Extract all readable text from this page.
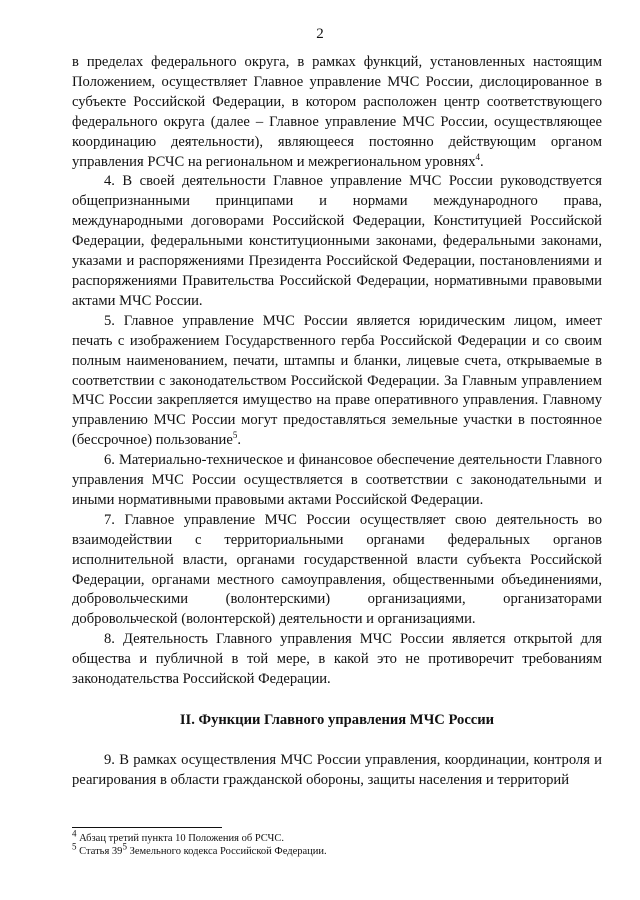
2

в пределах федерального округа, в рамках функций, установленных настоящим Положением, осуществляет Главное управление МЧС России, дислоцированное в субъекте Российской Федерации, в котором расположен центр соответствующего федерального округа (далее – Главное управление МЧС России, осуществляющее координацию деятельности), являющееся постоянно действующим органом управления РСЧС на региональном и межрегиональном уровнях$^4$.

4. В своей деятельности Главное управление МЧС России руководствуется общепризнанными принципами и нормами международного права, международными договорами Российской Федерации, Конституцией Российской Федерации, федеральными конституционными законами, федеральными законами, указами и распоряжениями Президента Российской Федерации, постановлениями и распоряжениями Правительства Российской Федерации, нормативными правовыми актами МЧС России.

5. Главное управление МЧС России является юридическим лицом, имеет печать с изображением Государственного герба Российской Федерации и со своим полным наименованием, печати, штампы и бланки, лицевые счета, открываемые в соответствии с законодательством Российской Федерации. За Главным управлением МЧС России закрепляется имущество на праве оперативного управления. Главному управлению МЧС России могут предоставляться земельные участки в постоянное (бессрочное) пользование$^5$.

6. Материально-техническое и финансовое обеспечение деятельности Главного управления МЧС России осуществляется в соответствии с законодательными и иными нормативными правовыми актами Российской Федерации.

7. Главное управление МЧС России осуществляет свою деятельность во взаимодействии с территориальными органами федеральных органов исполнительной власти, органами государственной власти субъекта Российской Федерации, органами местного самоуправления, общественными объединениями, добровольческими (волонтерскими) организациями, организаторами добровольческой (волонтерской) деятельности и организациями.

8. Деятельность Главного управления МЧС России является открытой для общества и публичной в той мере, в какой это не противоречит требованиям законодательства Российской Федерации.

II. Функции Главного управления МЧС России

9. В рамках осуществления МЧС России управления, координации, контроля и реагирования в области гражданской обороны, защиты населения и территорий

$^4$ Абзац третий пункта 10 Положения об РСЧС.
$^5$ Статья $39^5$ Земельного кодекса Российской Федерации.
